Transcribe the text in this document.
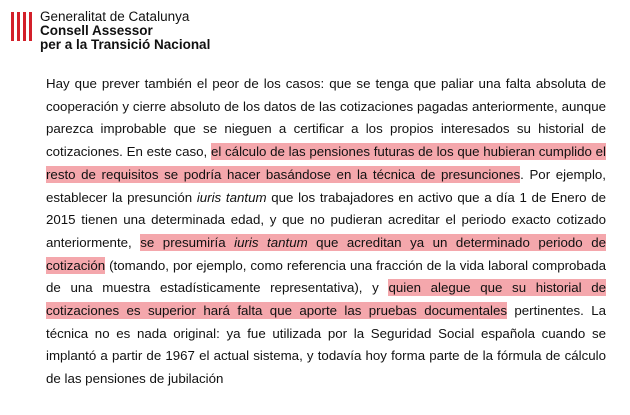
Generalitat de Catalunya
Consell Assessor
per a la Transició Nacional

Hay que prever también el peor de los casos: que se tenga que paliar una falta absoluta de cooperación y cierre absoluto de los datos de las cotizaciones pagadas anteriormente, aunque parezca improbable que se nieguen a certificar a los propios interesados su historial de cotizaciones. En este caso, el cálculo de las pensiones futuras de los que hubieran cumplido el resto de requisitos se podría hacer basándose en la técnica de presunciones. Por ejemplo, establecer la presunción iuris tantum que los trabajadores en activo que a día 1 de Enero de 2015 tienen una determinada edad, y que no pudieran acreditar el periodo exacto cotizado anteriormente, se presumiría iuris tantum que acreditan ya un determinado periodo de cotización (tomando, por ejemplo, como referencia una fracción de la vida laboral comprobada de una muestra estadísticamente representativa), y quien alegue que su historial de cotizaciones es superior hará falta que aporte las pruebas documentales pertinentes. La técnica no es nada original: ya fue utilizada por la Seguridad Social española cuando se implantó a partir de 1967 el actual sistema, y todavía hoy forma parte de la fórmula de cálculo de las pensiones de jubilación
